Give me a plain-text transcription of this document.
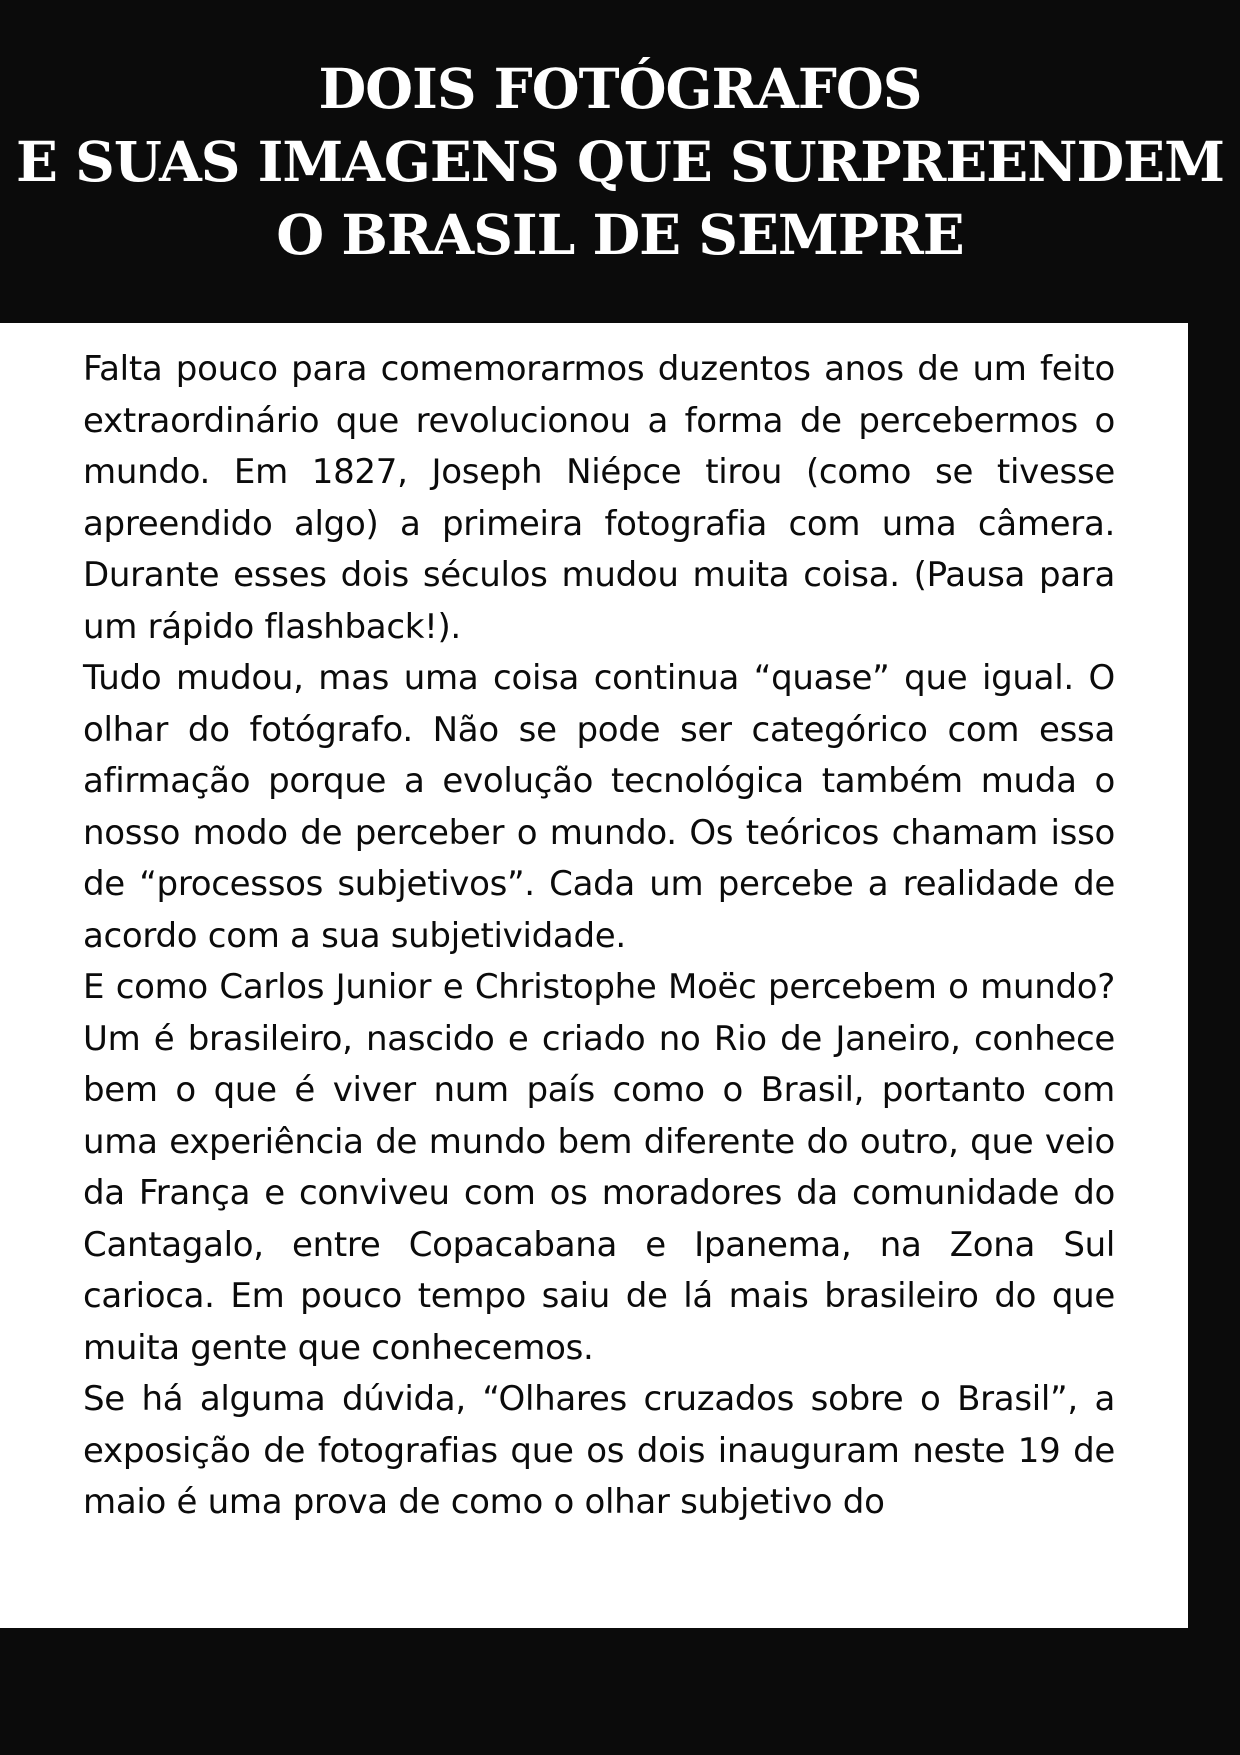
DOIS FOTÓGRAFOS
E SUAS IMAGENS QUE SURPREENDEM
O BRASIL DE SEMPRE

Falta pouco para comemorarmos duzentos anos de um feito extraordinário que revolucionou a forma de percebermos o mundo. Em 1827, Joseph Niépce tirou (como se tivesse apreendido algo) a primeira fotografia com uma câmera. Durante esses dois séculos mudou muita coisa. (Pausa para um rápido flashback!).

Tudo mudou, mas uma coisa continua “quase” que igual. O olhar do fotógrafo. Não se pode ser categórico com essa afirmação porque a evolução tecnológica também muda o nosso modo de perceber o mundo. Os teóricos chamam isso de “processos subjetivos”. Cada um percebe a realidade de acordo com a sua subjetividade.

E como Carlos Junior e Christophe Moëc percebem o mundo? Um é brasileiro, nascido e criado no Rio de Janeiro, conhece bem o que é viver num país como o Brasil, portanto com uma experiência de mundo bem diferente do outro, que veio da França e conviveu com os moradores da comunidade do Cantagalo, entre Copacabana e Ipanema, na Zona Sul carioca. Em pouco tempo saiu de lá mais brasileiro do que muita gente que conhecemos.

Se há alguma dúvida, “Olhares cruzados sobre o Brasil”, a exposição de fotografias que os dois inauguram neste 19 de maio é uma prova de como o olhar subjetivo do
